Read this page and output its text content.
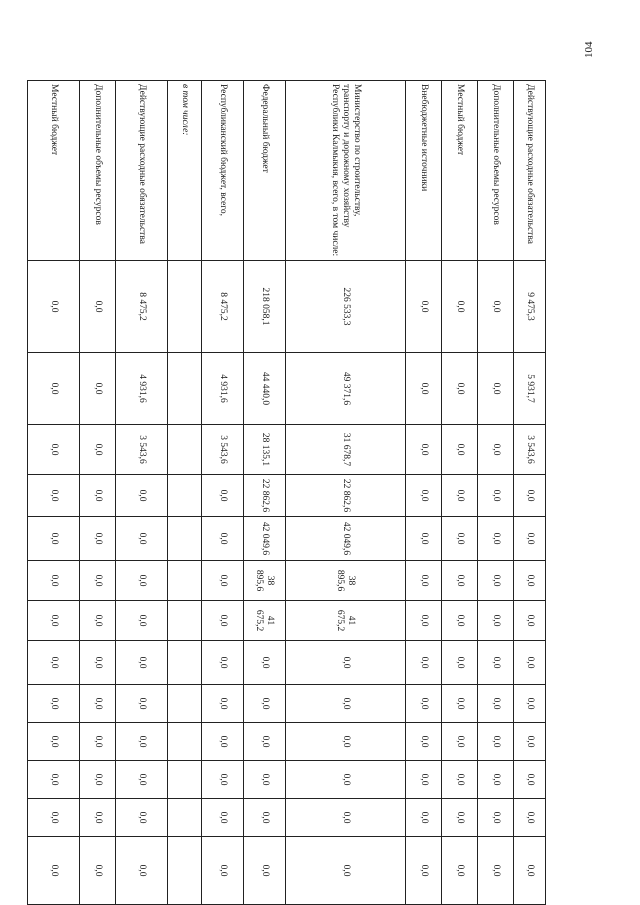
104
Действующие расходные обязательства	9 475,3	5 931,7	3 543,6	0,0	0,0	0,0	0,0	0,0	0,0	0,0	0,0	0,0	0,0
Дополнительные объемы ресурсов	0,0	0,0	0,0	0,0	0,0	0,0	0,0	0,0	0,0	0,0	0,0	0,0	0,0
Местный бюджет	0,0	0,0	0,0	0,0	0,0	0,0	0,0	0,0	0,0	0,0	0,0	0,0	0,0
Внебюджетные источники	0,0	0,0	0,0	0,0	0,0	0,0	0,0	0,0	0,0	0,0	0,0	0,0	0,0
Министерство по строительству, транспорту и дорожному хозяйству Республики Калмыкия, всего, в том числе:	226 533,3	49 371,6	31 678,7	22 862,6	42 049,6	38 895,6	41 675,2	0,0	0,0	0,0	0,0	0,0	0,0
Федеральный бюджет	218 058,1	44 440,0	28 135,1	22 862,6	42 049,6	38 895,6	41 675,2	0,0	0,0	0,0	0,0	0,0	0,0
Республиканский бюджет, всего,	8 475,2	4 931,6	3 543,6	0,0	0,0	0,0	0,0	0,0	0,0	0,0	0,0	0,0	0,0
в том числе:													
Действующие расходные обязательства	8 475,2	4 931,6	3 543,6	0,0	0,0	0,0	0,0	0,0	0,0	0,0	0,0	0,0	0,0
Дополнительные объемы ресурсов	0,0	0,0	0,0	0,0	0,0	0,0	0,0	0,0	0,0	0,0	0,0	0,0	0,0
Местный бюджет	0,0	0,0	0,0	0,0	0,0	0,0	0,0	0,0	0,0	0,0	0,0	0,0	0,0
